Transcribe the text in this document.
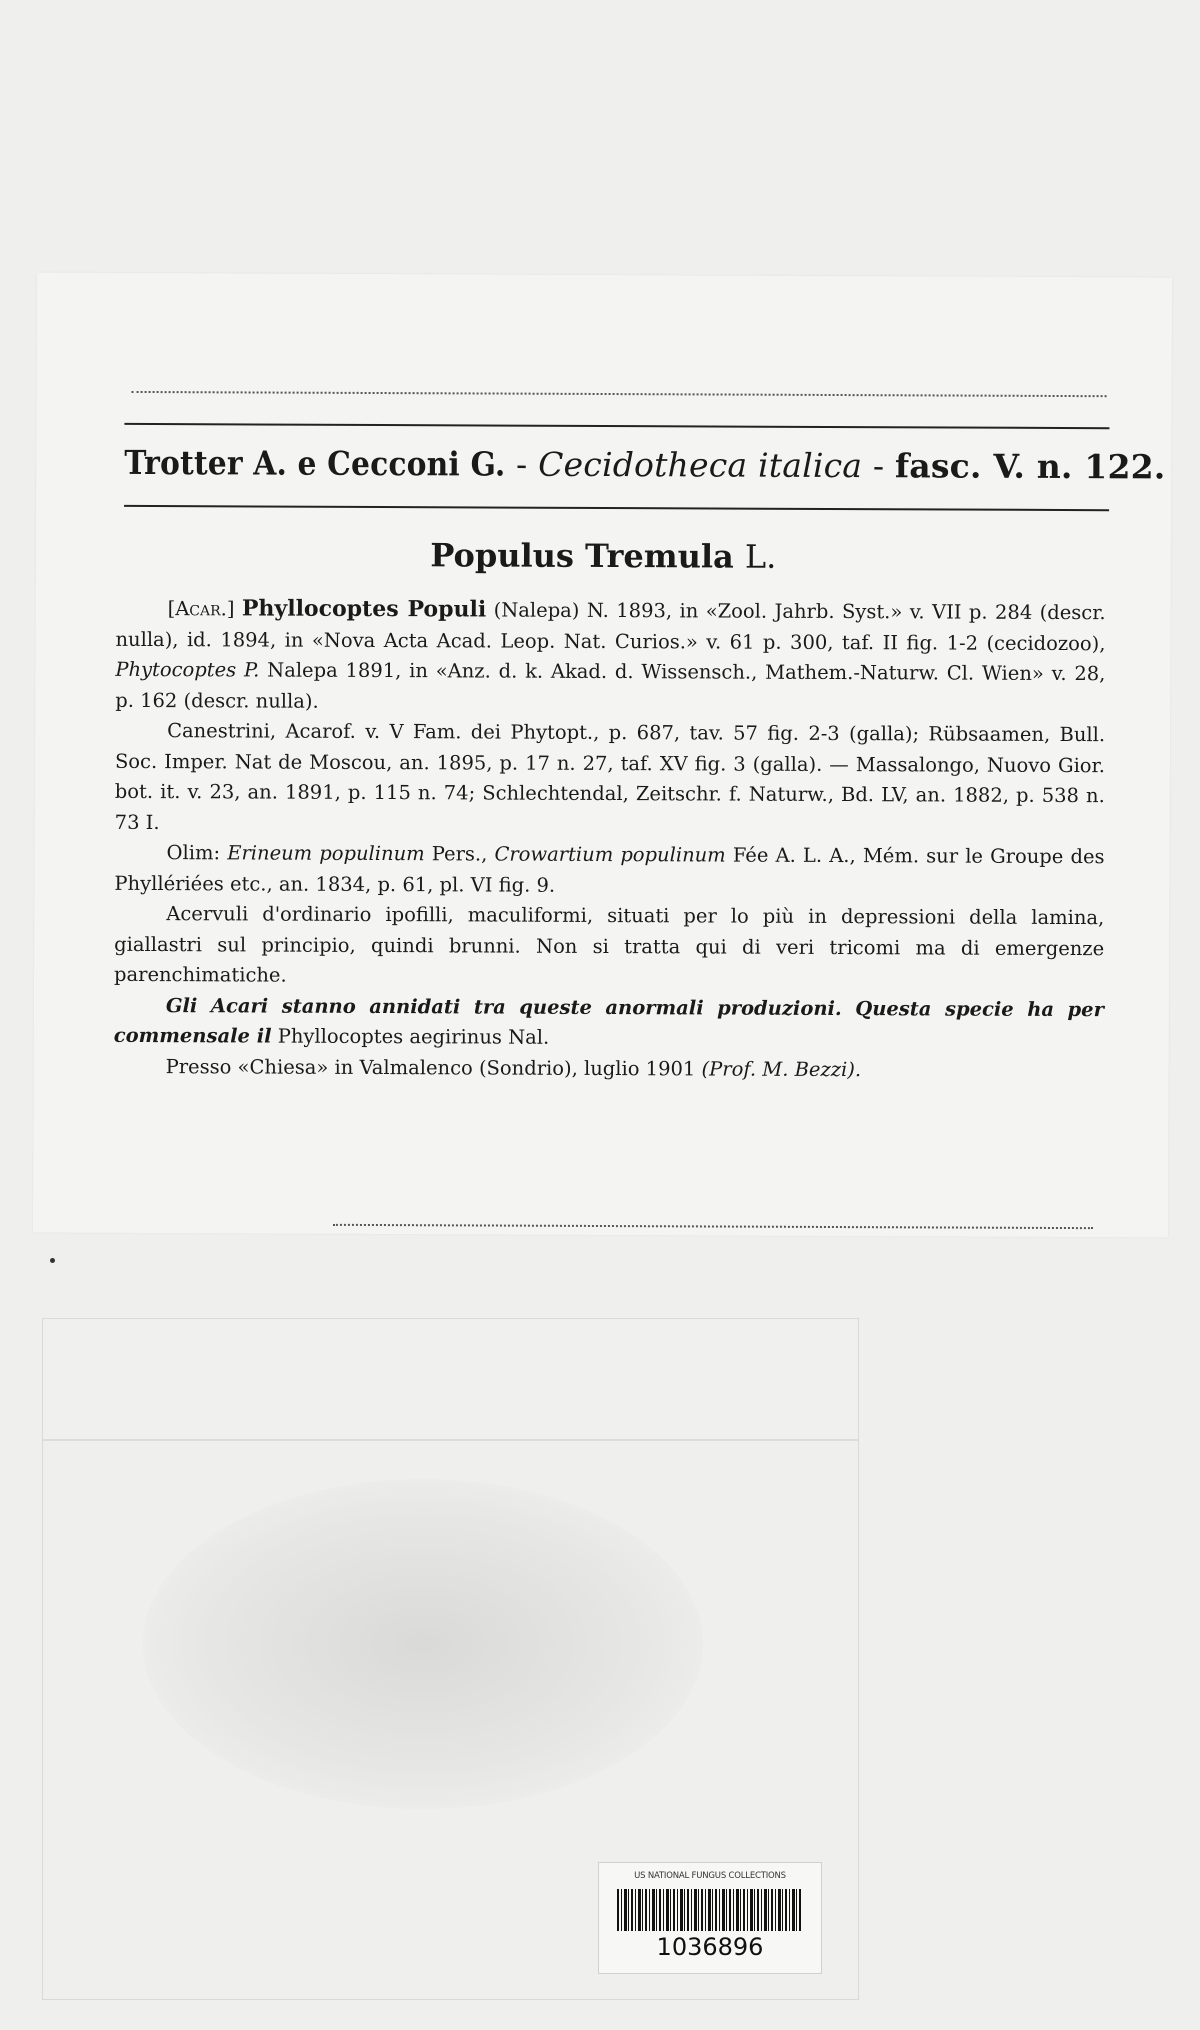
Trotter A. e Cecconi G. - Cecidotheca italica - fasc. V. n. 122.
Populus Tremula L.

[Acar.] Phyllocoptes Populi (Nalepa) N. 1893, in «Zool. Jahrb. Syst.» v. VII p. 284 (descr. nulla), id. 1894, in «Nova Acta Acad. Leop. Nat. Curios.» v. 61 p. 300, taf. II fig. 1-2 (cecidozoo), Phytocoptes P. Nalepa 1891, in «Anz. d. k. Akad. d. Wissensch., Mathem.-Naturw. Cl. Wien» v. 28, p. 162 (descr. nulla).

Canestrini, Acarof. v. V Fam. dei Phytopt., p. 687, tav. 57 fig. 2-3 (galla); Rübsaamen, Bull. Soc. Imper. Nat de Moscou, an. 1895, p. 17 n. 27, taf. XV fig. 3 (galla). — Massalongo, Nuovo Gior. bot. it. v. 23, an. 1891, p. 115 n. 74; Schlechtendal, Zeitschr. f. Naturw., Bd. LV, an. 1882, p. 538 n. 73 I.

Olim: Erineum populinum Pers., Crowartium populinum Fée A. L. A., Mém. sur le Groupe des Phyllériées etc., an. 1834, p. 61, pl. VI fig. 9.

Acervuli d'ordinario ipofilli, maculiformi, situati per lo più in depressioni della lamina, giallastri sul principio, quindi brunni. Non si tratta qui di veri tricomi ma di emergenze parenchimatiche.

Gli Acari stanno annidati tra queste anormali produzioni. Questa specie ha per commensale il Phyllocoptes aegirinus Nal.

Presso «Chiesa» in Valmalenco (Sondrio), luglio 1901 (Prof. M. Bezzi).

US NATIONAL FUNGUS COLLECTIONS
1036896
